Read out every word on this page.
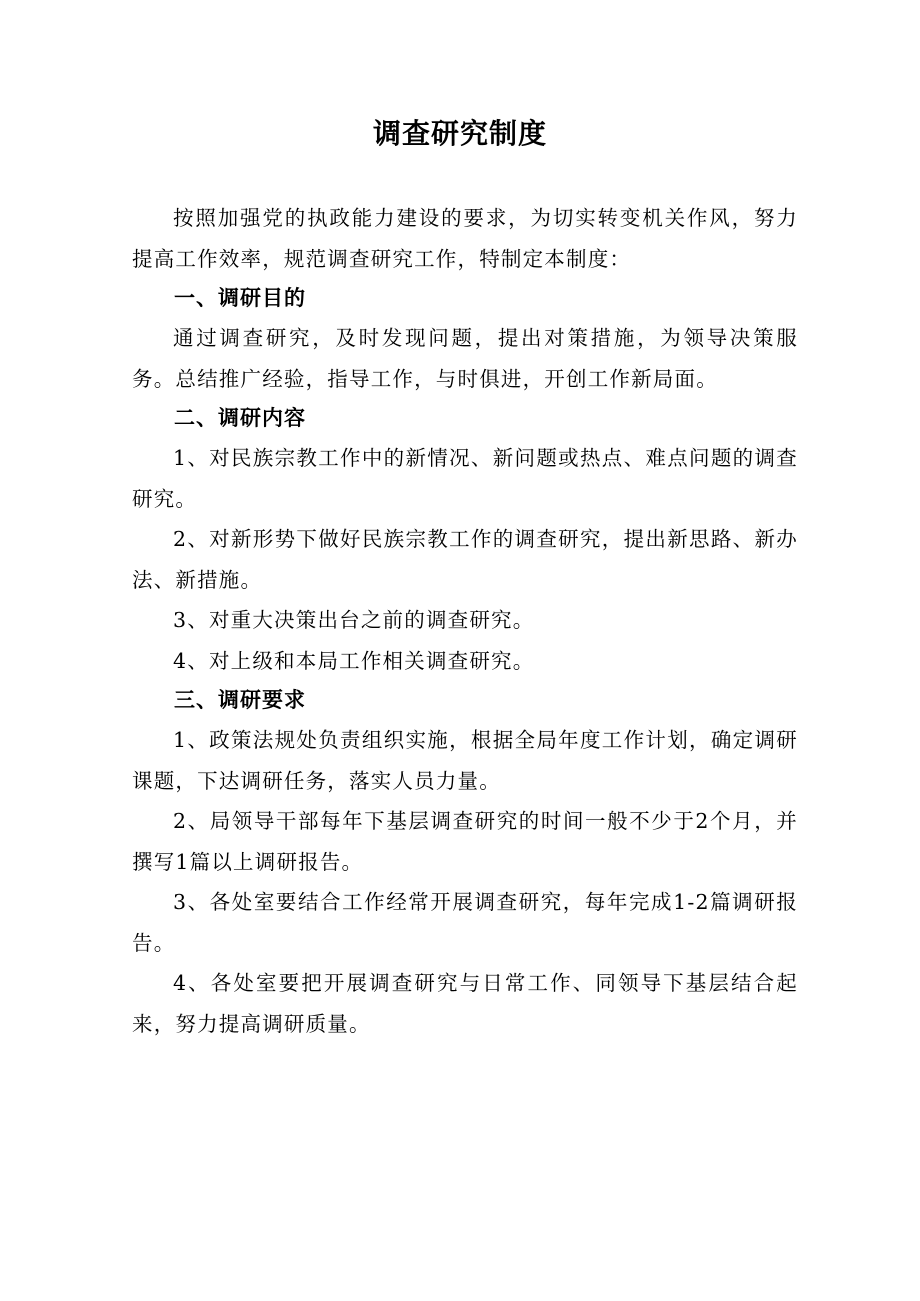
调查研究制度

按照加强党的执政能力建设的要求，为切实转变机关作风，努力提高工作效率，规范调查研究工作，特制定本制度：

一、调研目的

通过调查研究，及时发现问题，提出对策措施，为领导决策服务。总结推广经验，指导工作，与时俱进，开创工作新局面。

二、调研内容

1、对民族宗教工作中的新情况、新问题或热点、难点问题的调查研究。

2、对新形势下做好民族宗教工作的调查研究，提出新思路、新办法、新措施。

3、对重大决策出台之前的调查研究。

4、对上级和本局工作相关调查研究。

三、调研要求

1、政策法规处负责组织实施，根据全局年度工作计划，确定调研课题，下达调研任务，落实人员力量。

2、局领导干部每年下基层调查研究的时间一般不少于2个月，并撰写1篇以上调研报告。

3、各处室要结合工作经常开展调查研究，每年完成1-2篇调研报告。

4、各处室要把开展调查研究与日常工作、同领导下基层结合起来，努力提高调研质量。
